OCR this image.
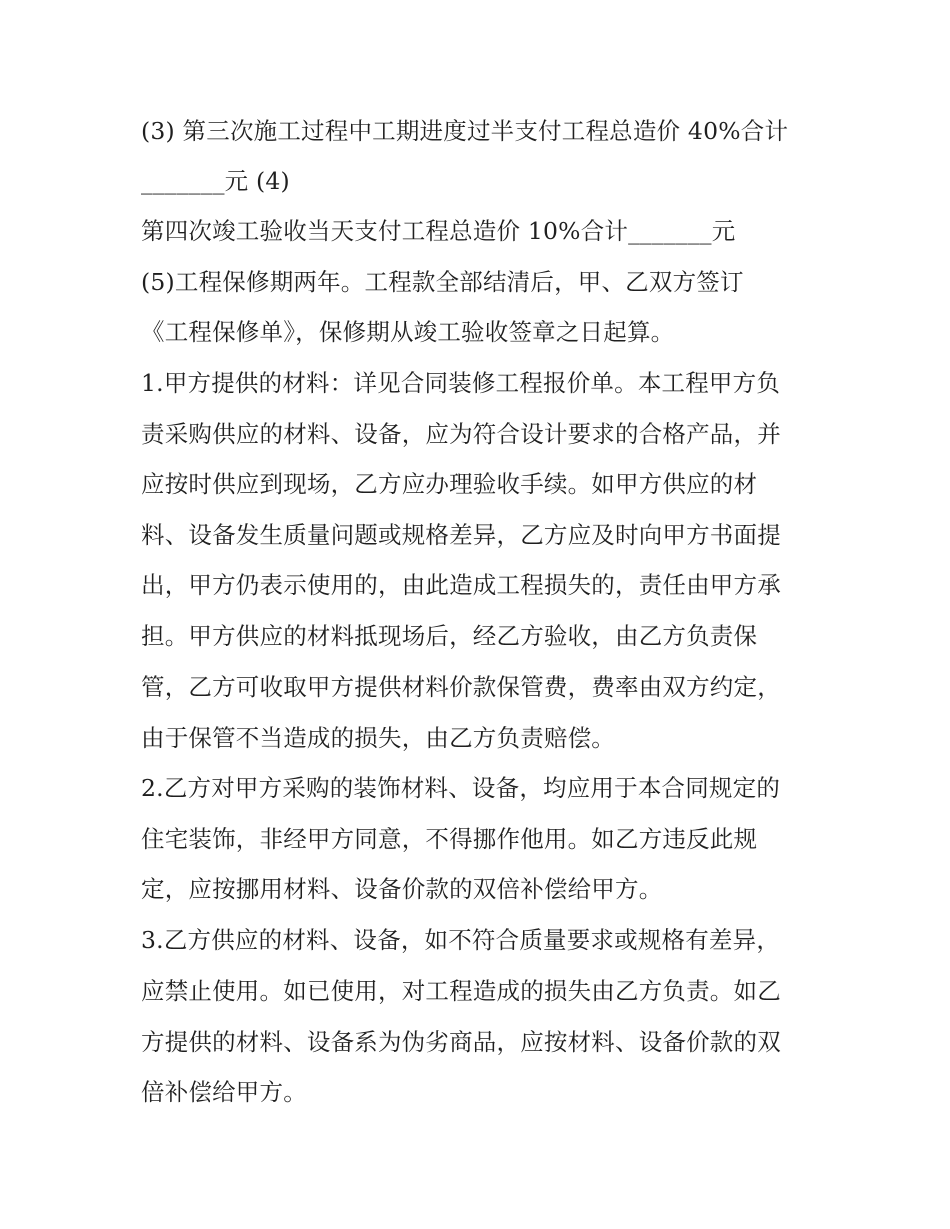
(3) 第三次施工过程中工期进度过半支付工程总造价 40%合计
_______元 (4)
第四次竣工验收当天支付工程总造价 10%合计_______元
(5)工程保修期两年。工程款全部结清后，甲、乙双方签订
《工程保修单》，保修期从竣工验收签章之日起算。
1.甲方提供的材料：详见合同装修工程报价单。本工程甲方负
责采购供应的材料、设备，应为符合设计要求的合格产品，并
应按时供应到现场，乙方应办理验收手续。如甲方供应的材
料、设备发生质量问题或规格差异，乙方应及时向甲方书面提
出，甲方仍表示使用的，由此造成工程损失的，责任由甲方承
担。甲方供应的材料抵现场后，经乙方验收，由乙方负责保
管，乙方可收取甲方提供材料价款保管费，费率由双方约定，
由于保管不当造成的损失，由乙方负责赔偿。
2.乙方对甲方采购的装饰材料、设备，均应用于本合同规定的
住宅装饰，非经甲方同意，不得挪作他用。如乙方违反此规
定，应按挪用材料、设备价款的双倍补偿给甲方。
3.乙方供应的材料、设备，如不符合质量要求或规格有差异，
应禁止使用。如已使用，对工程造成的损失由乙方负责。如乙
方提供的材料、设备系为伪劣商品，应按材料、设备价款的双
倍补偿给甲方。
